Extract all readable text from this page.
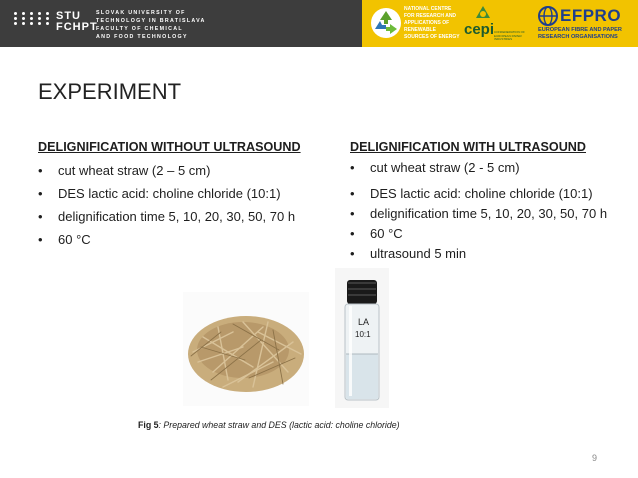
STU
FCHPT
SLOVAK UNIVERSITY OF
TECHNOLOGY IN BRATISLAVA
FACULTY OF CHEMICAL
AND FOOD TECHNOLOGY
NATIONAL CENTRE
FOR RESEARCH AND
APPLICATIONS OF
RENEWABLE
SOURCES OF ENERGY cepi CONFEDERATION OF EUROPEAN PAPER INDUSTRIES
EFPRO
EUROPEAN FIBRE AND PAPER
RESEARCH ORGANISATIONS
EXPERIMENT
DELIGNIFICATION WITHOUT ULTRASOUND
• cut wheat straw (2 – 5 cm)
• DES lactic acid: choline chloride (10:1)
• delignification time 5, 10, 20, 30, 50, 70 h
• 60 °C
DELIGNIFICATION WITH ULTRASOUND
• cut wheat straw (2 - 5 cm)
• DES lactic acid: choline chloride (10:1)
• delignification time 5, 10, 20, 30, 50, 70 h
• 60 °C
• ultrasound 5 min
LA
10:1
Fig 5: Prepared wheat straw and DES (lactic acid: choline chloride)
9
